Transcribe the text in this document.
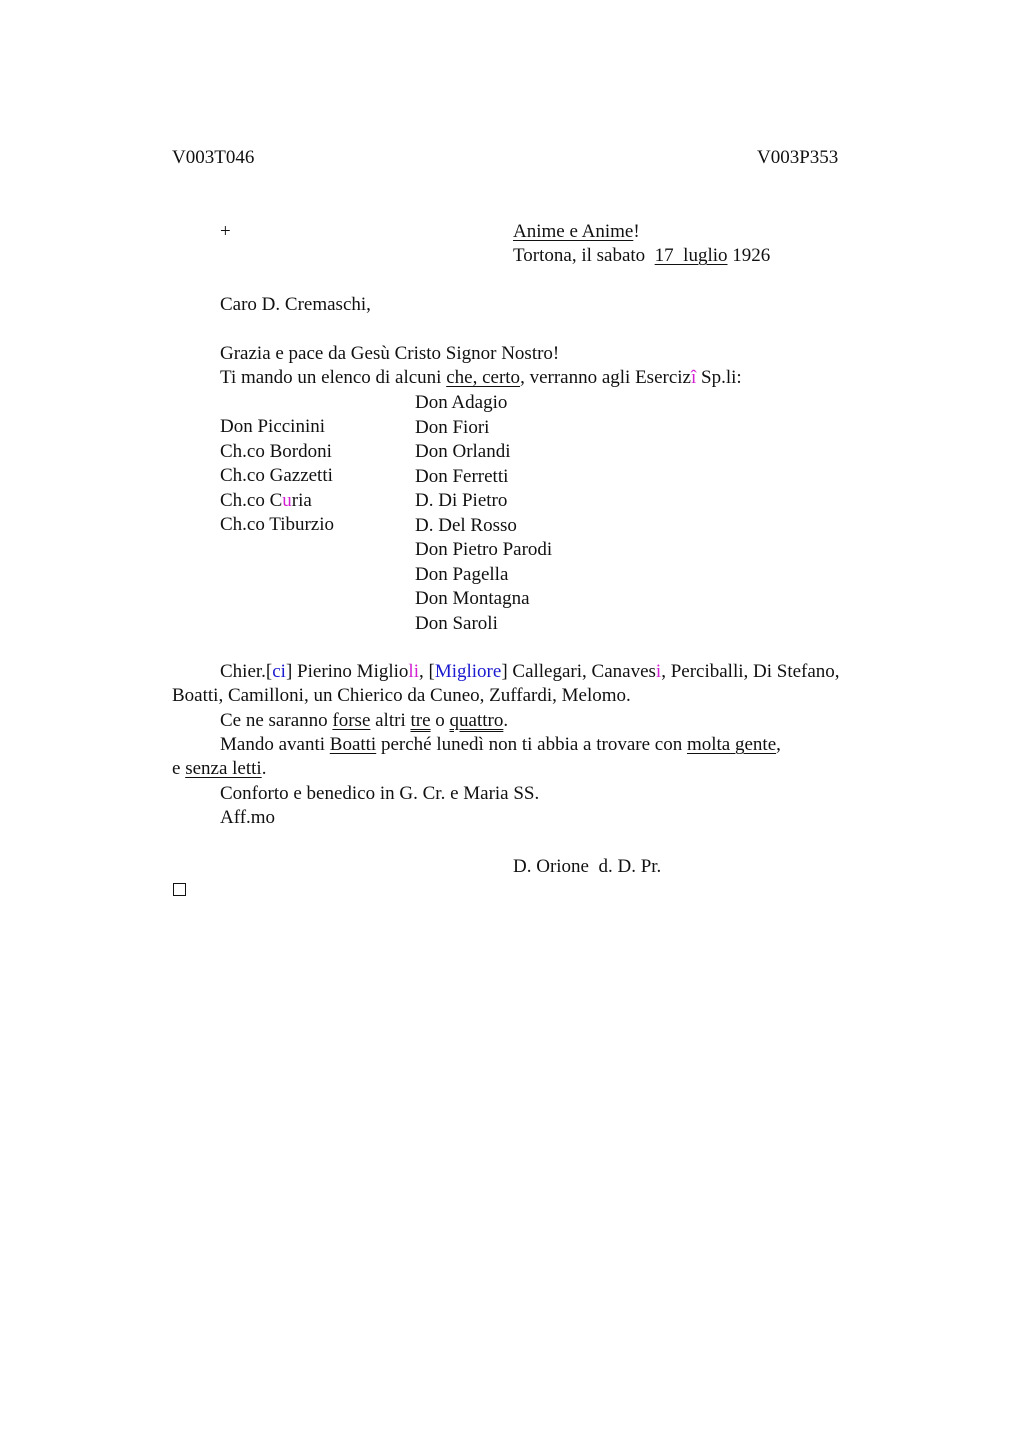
V003T046	V003P353
+	Anime e Anime!
Tortona, il sabato 17  luglio 1926
Caro D. Cremaschi,
Grazia e pace da Gesù Cristo Signor Nostro!
Ti mando un elenco di alcuni che, certo, verranno agli Esercizî Sp.li:
Don Piccinini
Ch.co Bordoni
Ch.co Gazzetti
Ch.co Curia
Ch.co Tiburzio
Don Adagio
Don Fiori
Don Orlandi
Don Ferretti
D. Di Pietro
D. Del Rosso
Don Pietro Parodi
Don Pagella
Don Montagna
Don Saroli
Chier.[ci] Pierino Miglioli, [Migliore] Callegari, Canavesi, Perciballi, Di Stefano,
Boatti, Camilloni, un Chierico da Cuneo, Zuffardi, Melomo.
Ce ne saranno forse altri tre o quattro.
Mando avanti Boatti perché lunedì non ti abbia a trovare con molta gente,
e senza letti.
Conforto e benedico in G. Cr. e Maria SS.
Aff.mo
D. Orione  d. D. Pr.
